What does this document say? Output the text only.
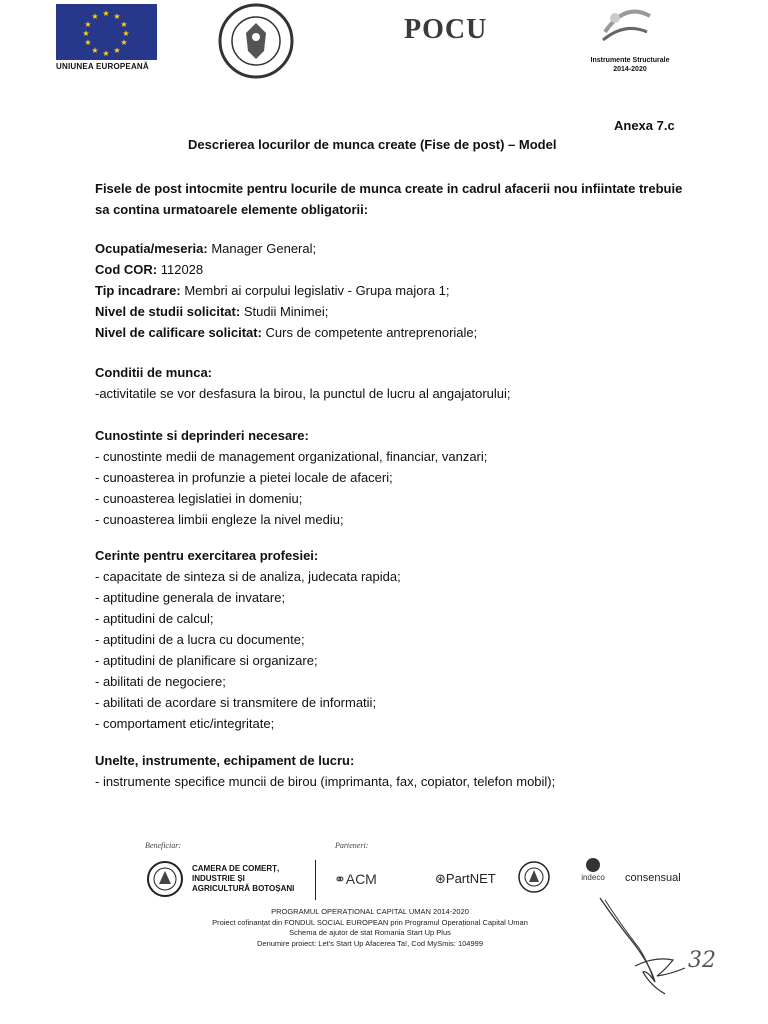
★ ★
★
★
★
★
★
★
★
★
★
★
UNIUNEA EUROPEANĂ
POCU
Instrumente Structurale
2014-2020
Anexa 7.c
Descrierea locurilor de munca create (Fise de post) – Model
Fisele de post intocmite pentru locurile de munca create in cadrul afacerii nou infiintate trebuie sa contina urmatoarele elemente obligatorii:
Ocupatia/meseria: Manager General;
Cod COR: 112028
Tip incadrare: Membri ai corpului legislativ - Grupa majora 1;
Nivel de studii solicitat: Studii Minimei;
Nivel de calificare solicitat: Curs de competente antreprenoriale;
Conditii de munca:
-activitatile se vor desfasura la birou, la punctul de lucru al angajatorului;
Cunostinte si deprinderi necesare:
- cunostinte medii de management organizational, financiar, vanzari;
- cunoasterea in profunzie a pietei locale de afaceri;
- cunoasterea legislatiei in domeniu;
- cunoasterea limbii engleze la nivel mediu;
Cerinte pentru exercitarea profesiei:
- capacitate de sinteza si de analiza, judecata rapida;
- aptitudine generala de invatare;
- aptitudini de calcul;
- aptitudini de a lucra cu documente;
- aptitudini de planificare si organizare;
- abilitati de negociere;
- abilitati de acordare si transmitere de informatii;
- comportament etic/integritate;
Unelte, instrumente, echipament de lucru:
- instrumente specifice muncii de birou (imprimanta, fax, copiator, telefon mobil);
Beneficiar:	Parteneri:
CAMERA DE COMERȚ,
INDUSTRIE ȘI
AGRICULTURĂ BOTOȘANI
⚭ACM	⊛PartNET	indeco	consensual
PROGRAMUL OPERAȚIONAL CAPITAL UMAN 2014-2020
Proiect cofinanțat din FONDUL SOCIAL EUROPEAN prin Programul Operațional Capital Uman
Schema de ajutor de stat Romania Start Up Plus
Denumire proiect: Let's Start Up Afacerea Ta!, Cod MySmis: 104999
32
